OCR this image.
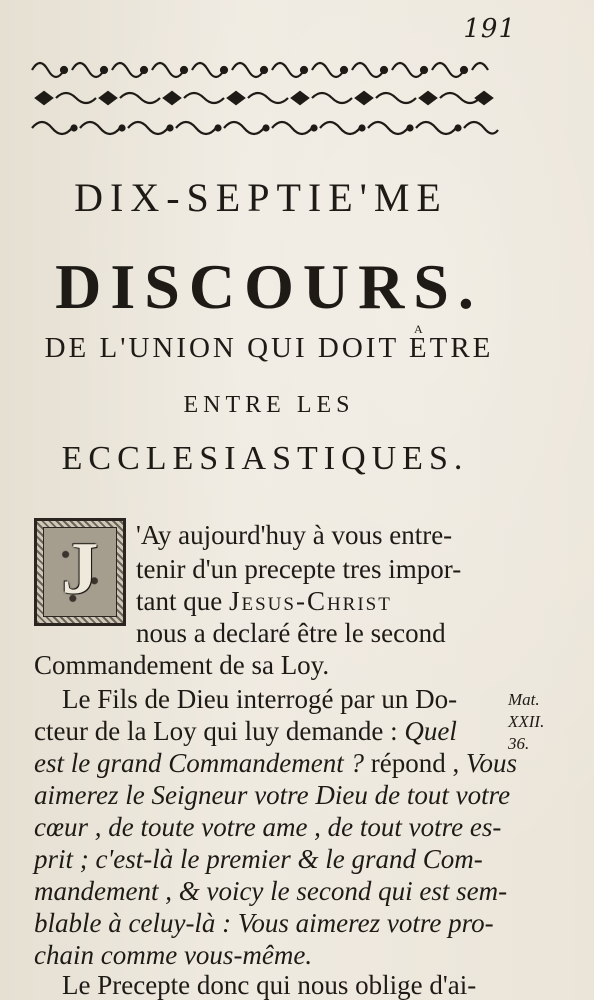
191
DIX-SEPTIE'ME
DISCOURS.
A
DE L'UNION QUI DOIT ETRE
ENTRE LES
ECCLESIASTIQUES.
J	'Ay aujourd'huy à vous entre-
tenir d'un precepte tres impor-
tant que Jesus-Christ
nous a declaré être le second
Commandement de sa Loy.
Le Fils de Dieu interrogé par un Do-
cteur de la Loy qui luy demande : Quel
est le grand Commandement ? répond , Vous
aimerez le Seigneur votre Dieu de tout votre
cœur , de toute votre ame , de tout votre es-
prit ; c'est-là le premier & le grand Com-
mandement , & voicy le second qui est sem-
blable à celuy-là : Vous aimerez votre pro-
chain comme vous-même.
Le Precepte donc qui nous oblige d'ai-
Mat.
XXII.
36.
